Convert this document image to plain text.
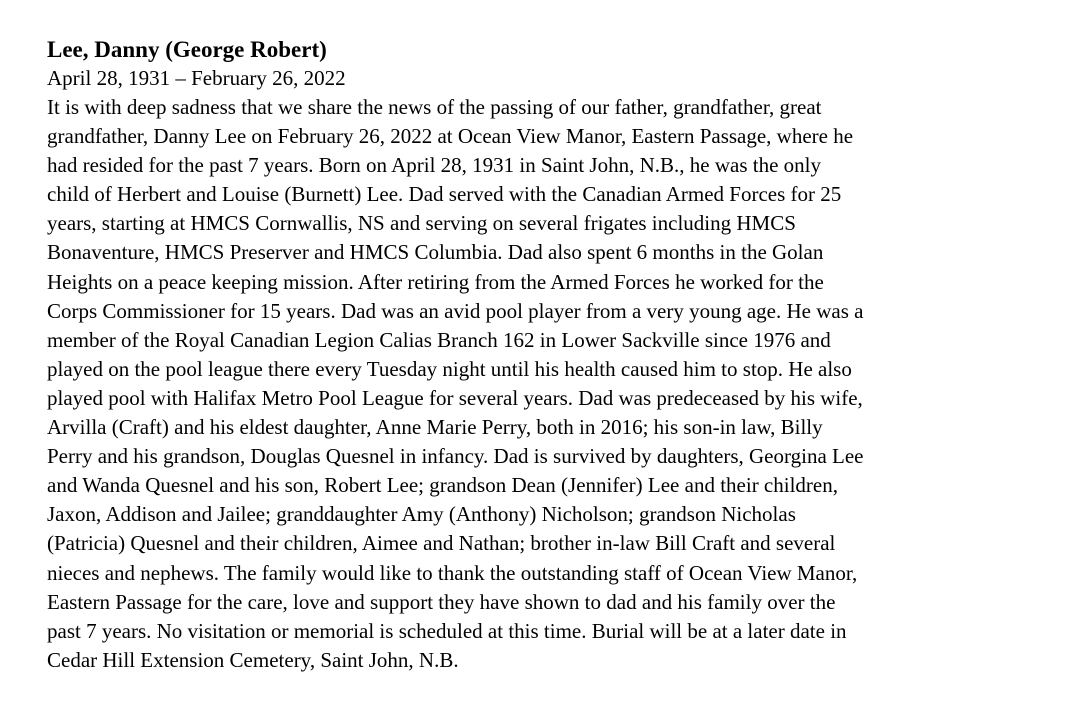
Lee, Danny (George Robert)

April 28, 1931 – February 26, 2022

It is with deep sadness that we share the news of the passing of our father, grandfather, great
grandfather, Danny Lee on February 26, 2022 at Ocean View Manor, Eastern Passage, where he
had resided for the past 7 years. Born on April 28, 1931 in Saint John, N.B., he was the only
child of Herbert and Louise (Burnett) Lee. Dad served with the Canadian Armed Forces for 25
years, starting at HMCS Cornwallis, NS and serving on several frigates including HMCS
Bonaventure, HMCS Preserver and HMCS Columbia. Dad also spent 6 months in the Golan
Heights on a peace keeping mission. After retiring from the Armed Forces he worked for the
Corps Commissioner for 15 years. Dad was an avid pool player from a very young age. He was a
member of the Royal Canadian Legion Calias Branch 162 in Lower Sackville since 1976 and
played on the pool league there every Tuesday night until his health caused him to stop. He also
played pool with Halifax Metro Pool League for several years. Dad was predeceased by his wife,
Arvilla (Craft) and his eldest daughter, Anne Marie Perry, both in 2016; his son-in law, Billy
Perry and his grandson, Douglas Quesnel in infancy. Dad is survived by daughters, Georgina Lee
and Wanda Quesnel and his son, Robert Lee; grandson Dean (Jennifer) Lee and their children,
Jaxon, Addison and Jailee; granddaughter Amy (Anthony) Nicholson; grandson Nicholas
(Patricia) Quesnel and their children, Aimee and Nathan; brother in-law Bill Craft and several
nieces and nephews. The family would like to thank the outstanding staff of Ocean View Manor,
Eastern Passage for the care, love and support they have shown to dad and his family over the
past 7 years. No visitation or memorial is scheduled at this time. Burial will be at a later date in
Cedar Hill Extension Cemetery, Saint John, N.B.
